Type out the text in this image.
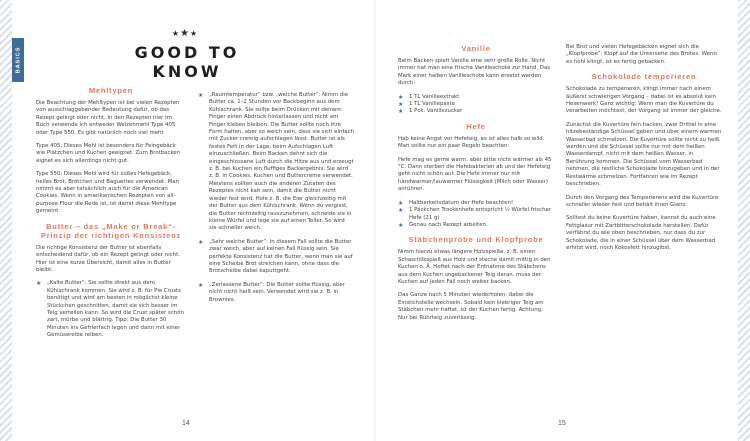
BASICS
★★★
GOOD TO KNOW
Mehltypen

Die Beachtung der Mehltypen ist bei vielen Rezepten von ausschlaggebender Bedeutung dafür, ob das Rezept gelingt oder nicht. In den Rezepten hier im Buch verwende ich entweder Weizenmehl Type 405 oder Type 550. Es gibt natürlich noch viel mehr.

Type 405: Dieses Mehl ist besonders für Feingebäck wie Plätzchen und Kuchen geeignet. Zum Brotbacken eignet es sich allerdings nicht gut.

Type 550: Dieses Mehl wird für süßes Hefegebäck, helles Brot, Brötchen und Baguettes verwendet. Man nimmt es aber tatsächlich auch für die American Cookies. Wenn in amerikanischen Rezepten von all-purpose Flour die Rede ist, ist damit diese Mehltype gemeint.

Butter – das „Make or Break“-Prinzip der richtigen Konsistenz

Die richtige Konsistenz der Butter ist ebenfalls entscheidend dafür, ob ein Rezept gelingt oder nicht. Hier ist eine kurze Übersicht, damit alles in Butter bleibt.

★ „Kalte Butter“: Sie sollte direkt aus dem Kühlschrank kommen. Sie wird z. B. für Pie Crusts benötigt und wird am besten in möglichst kleine Stückchen geschnitten, damit sie sich besser im Teig verteilen kann. So wird die Crust später schön zart, mürbe und blättrig. Tipp: Die Butter 30 Minuten ins Gefrierfach legen und dann mit einer Gemüsereibe reiben.
★ „Raumtemperatur“ bzw. „weiche Butter“: Nimm die Butter ca. 1–2 Stunden vor Backbeginn aus dem Kühlschrank. Sie sollte beim Drücken mit deinem Finger einen Abdruck hinterlassen und nicht am Finger kleben bleiben. Die Butter sollte noch ihre Form halten, aber so weich sein, dass sie sich einfach mit Zucker cremig aufschlagen lässt. Butter ist als festes Fett in der Lage, beim Aufschlagen Luft einzuschließen. Beim Backen dehnt sich die eingeschlossene Luft durch die Hitze aus und erzeugt z. B. bei Kuchen ein fluffiges Backergebnis. Sie wird z. B. in Cookies, Kuchen und Buttercreme verwendet. Meistens sollten auch die anderen Zutaten des Rezeptes nicht kalt sein, damit die Butter nicht wieder fest wird. Hole z. B. die Eier gleichzeitig mit der Butter aus dem Kühlschrank. Wenn du vergisst, die Butter rechtzeitig rauszunehmen, schneide sie in kleine Würfel und lege sie auf einen Teller. So wird sie schneller weich.
★ „Sehr weiche Butter“: In diesem Fall sollte die Butter zwar weich, aber auf keinen Fall flüssig sein. Sie perfekte Konsistenz hat die Butter, wenn man sie auf eine Scheibe Brot streichen kann, ohne dass die Brotscheibe dabei kaputtgeht.
★ „Zerlassene Butter“: Die Butter sollte flüssig, aber nicht nicht heiß sein. Verwendet wird sie z. B. in Brownies.
14
Vanille

Beim Backen spielt Vanille eine sehr große Rolle. Nicht immer hat man eine frische Vanilleschote zur Hand. Das Mark einer halben Vanilleschote kann ersetzt werden durch:

★ 1 TL Vanilleextrakt
★ 1 TL Vanillepaste
★ 1 Pck. Vanillezucker
Hefe

Hab keine Angst vor Hefeteig, es ist alles halb so wild. Man sollte nur ein paar Regeln beachten:

Hefe mag es gerne warm, aber bitte nicht wärmer als 45 °C. Dann sterben die Hefebakterien ab und der Hefeteig geht nicht schön auf. Die Hefe immer nur mit handwarmer/lauwarmer Flüssigkeit (Milch oder Wasser) anrühren.

★ Haltbarkeitsdatum der Hefe beachten!
★ 1 Päckchen Trockenhefe entspricht ½ Würfel frischer Hefe (21 g)
★ Genau nach Rezept arbeiten.
Stäbchenprobe und Klopfprobe

Nimm hierzu etwas längere Holzspieße, z. B. einen Schaschlikspieß aus Holz und steche damit mittig in den Kuchen o. Ä. Hoftet nach der Entnahme des Stäbchens aus dem Kuchen ungebackener Teig daran, muss der Kuchen auf jeden Fall noch weiter backen.

Das Ganze nach 5 Minuten wiederholen, dabei die Einstichstelle wechseln. Sobald kein klebriger Teig am Stäbchen mehr haftet, ist der Kuchen fertig. Achtung: Nur bei Rührteig zuverlässig.

Bei Brot und vielen Hefegebäcken eignet sich die „Klopfprobe“: Klopf auf die Unterseite des Brotes. Wenn es hohl klingt, ist es fertig gebacken.

Schokolade temperieren

Schokolade zu temperieren, klingt immer nach einem äußerst schwierigen Vorgang – dabei ist es absolut kein Hexenwerk! Ganz wichtig: Wenn man die Kuvertüre du verarbeiten möchtest, der Vorgang ist immer der gleiche.

Zunächst die Kuvertüre fein hacken, zwei Drittel in eine hitzebeständige Schüssel geben und über einem warmen Wasserbad schmelzen. Die Kuvertüre sollte nicht zu heiß werden und die Schüssel sollte nur mit dem heißen Wasserdampf, nicht mit dem heißen Wasser, in Berührung kommen. Die Schüssel vom Wasserbad nehmen, die restliche Schokolade hinzugeben und in der Restwärme schmelzen. Fortfahren wie im Rezept beschrieben.

Durch den Vorgang des Temperierens wird die Kuvertüre schneller wieder fest und behält ihren Glanz.

Solltest du keine Kuvertüre haben, kannst du auch eine Fettglasur mit Zartbitterschokolade herstellen. Dafür verfährst du wie oben beschrieben, nur dass du zur Schokolade, die in einer Schüssel über dem Wasserbad erhitzt wird, noch Kokosfett hinzugibst.

15
